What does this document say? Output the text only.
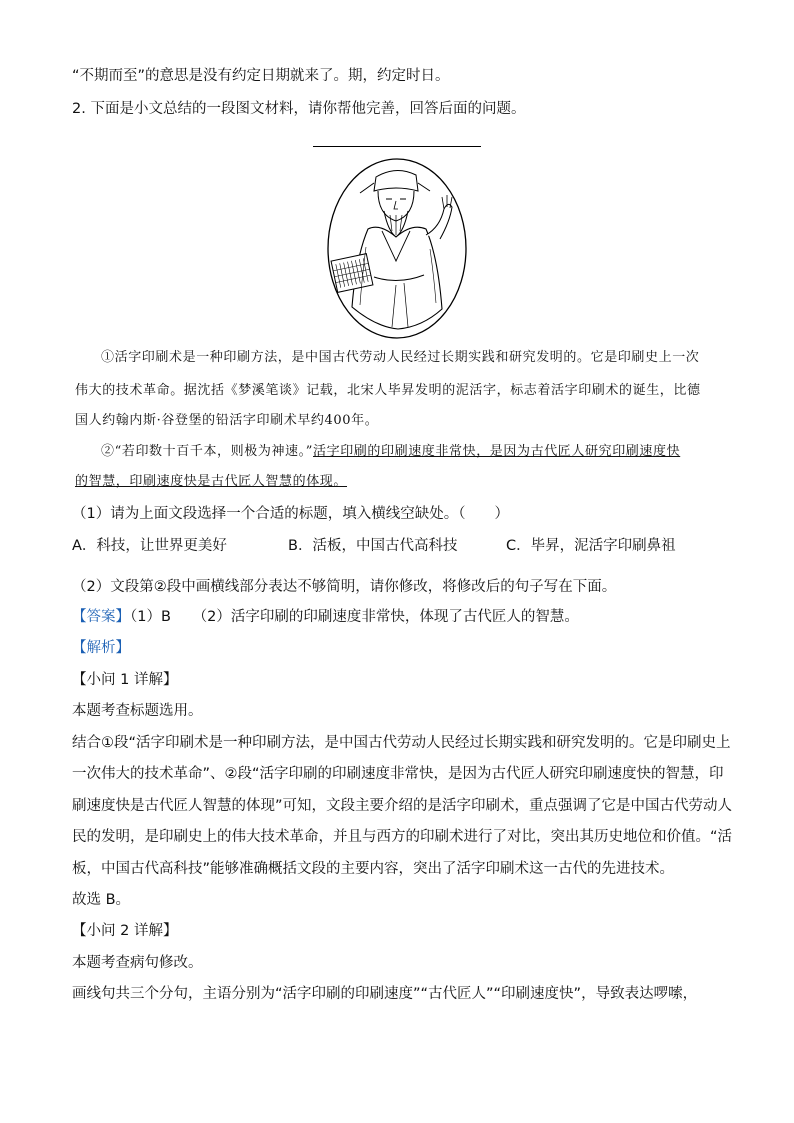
“不期而至”的意思是没有约定日期就来了。期，约定时日。
2. 下面是小文总结的一段图文材料，请你帮他完善，回答后面的问题。
①活字印刷术是一种印刷方法，是中国古代劳动人民经过长期实践和研究发明的。它是印刷史上一次
伟大的技术革命。据沈括《梦溪笔谈》记载，北宋人毕昇发明的泥活字，标志着活字印刷术的诞生，比德
国人约翰内斯·谷登堡的铅活字印刷术早约400年。
②“若印数十百千本，则极为神速。”活字印刷的印刷速度非常快，是因为古代匠人研究印刷速度快
的智慧，印刷速度快是古代匠人智慧的体现。
（1）请为上面文段选择一个合适的标题，填入横线空缺处。（　　）
A．科技，让世界更美好	B．活板，中国古代高科技	C．毕昇，泥活字印刷鼻祖
（2）文段第②段中画横线部分表达不够简明，请你修改，将修改后的句子写在下面。
【答案】（1）B　　（2）活字印刷的印刷速度非常快，体现了古代匠人的智慧。
【解析】
【小问 1 详解】
本题考查标题选用。
结合①段“活字印刷术是一种印刷方法，是中国古代劳动人民经过长期实践和研究发明的。它是印刷史上
一次伟大的技术革命”、②段“活字印刷的印刷速度非常快，是因为古代匠人研究印刷速度快的智慧，印
刷速度快是古代匠人智慧的体现”可知，文段主要介绍的是活字印刷术，重点强调了它是中国古代劳动人
民的发明，是印刷史上的伟大技术革命，并且与西方的印刷术进行了对比，突出其历史地位和价值。“活
板，中国古代高科技”能够准确概括文段的主要内容，突出了活字印刷术这一古代的先进技术。
故选 B。
【小问 2 详解】
本题考查病句修改。
画线句共三个分句，主语分别为“活字印刷的印刷速度”“古代匠人”“印刷速度快”，导致表达啰嗦，
